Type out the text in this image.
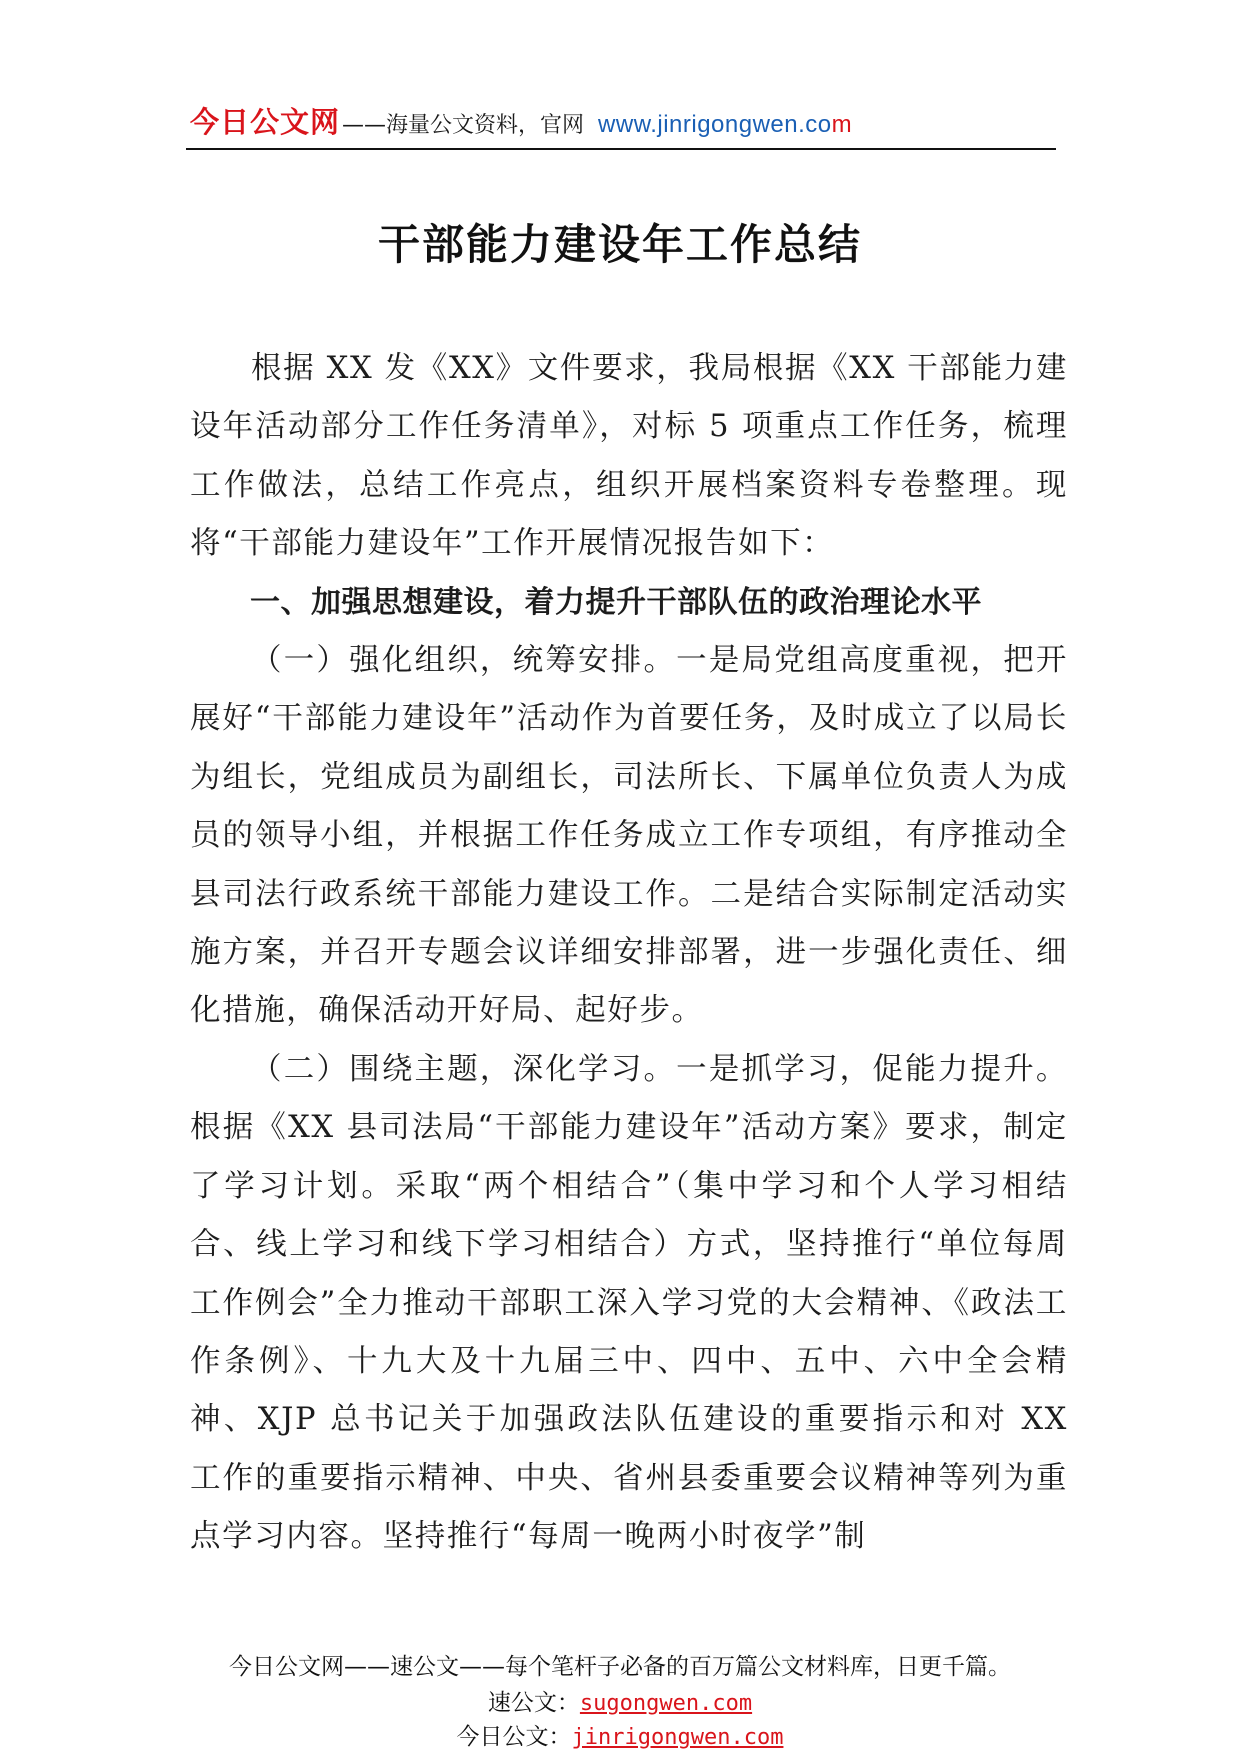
今日公文网——海量公文资料，官网 www.jinrigongwen.com
干部能力建设年工作总结

根据 XX 发《XX》文件要求，我局根据《XX 干部能力建设年活动部分工作任务清单》，对标 5 项重点工作任务，梳理工作做法，总结工作亮点，组织开展档案资料专卷整理。现将“干部能力建设年”工作开展情况报告如下：

一、加强思想建设，着力提升干部队伍的政治理论水平

（一）强化组织，统筹安排。一是局党组高度重视，把开展好“干部能力建设年”活动作为首要任务，及时成立了以局长为组长，党组成员为副组长，司法所长、下属单位负责人为成员的领导小组，并根据工作任务成立工作专项组，有序推动全县司法行政系统干部能力建设工作。二是结合实际制定活动实施方案，并召开专题会议详细安排部署，进一步强化责任、细化措施，确保活动开好局、起好步。

（二）围绕主题，深化学习。一是抓学习，促能力提升。根据《XX 县司法局“干部能力建设年”活动方案》要求，制定了学习计划。采取“两个相结合”（集中学习和个人学习相结合、线上学习和线下学习相结合）方式，坚持推行“单位每周工作例会”全力推动干部职工深入学习党的大会精神、《政法工作条例》、十九大及十九届三中、四中、五中、六中全会精神、XJP 总书记关于加强政法队伍建设的重要指示和对 XX 工作的重要指示精神、中央、省州县委重要会议精神等列为重点学习内容。坚持推行“每周一晚两小时夜学”制

今日公文网——速公文——每个笔杆子必备的百万篇公文材料库，日更千篇。
速公文：sugongwen.com
今日公文：jinrigongwen.com
